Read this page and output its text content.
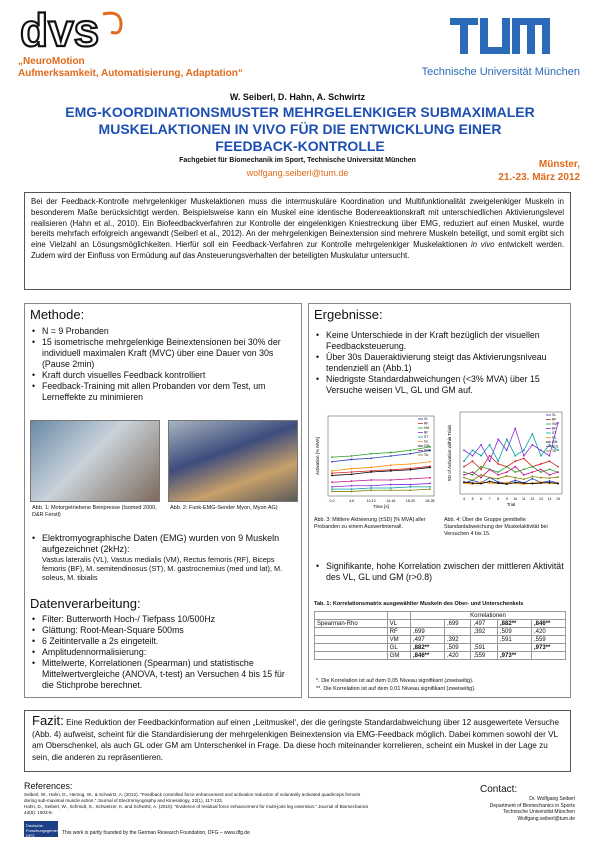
dvs
„NeuroMotion
Aufmerksamkeit, Automatisierung, Adaptation“	Technische Universität München
W. Seiberl, D. Hahn, A. Schwirtz
EMG-KOORDINATIONSMUSTER MEHRGELENKIGER SUBMAXIMALER MUSKELAKTIONEN IN VIVO FÜR DIE ENTWICKLUNG EINER FEEDBACK-KONTROLLE
Fachgebiet für Biomechanik im Sport, Technische Universität München
wolfgang.seiberl@tum.de
Münster,
21.-23. März 2012
Bei der Feedback-Kontrolle mehrgelenkiger Muskelaktionen muss die intermuskuläre Koordination und Multifunktionalität zweigelenkiger Muskeln in besonderem Maße berücksichtigt werden. Beispielsweise kann ein Muskel eine identische Bodenreaktionskraft mit unterschiedlichen Aktivierungslevel realisieren (Hahn et al., 2010). Ein Biofeedbackverfahren zur Kontrolle der eingelenkigen Kniestreckung über EMG, reduziert auf einen Muskel, wurde bereits mehrfach erfolgreich angewandt (Seiberl et al., 2012). An der mehrgelenkigen Beinextension sind mehrere Muskeln beteiligt, und somit ergibt sich eine Vielzahl an Lösungsmöglichkeiten. Hierfür soll ein Feedback-Verfahren zur Kontrolle mehrgelenkiger Muskelaktionen in vivo entwickelt werden. Zudem wird der Einfluss von Ermüdung auf das Ansteuerungsverhalten der beteiligten Muskulatur untersucht.
Methode:
• N = 9 Probanden
• 15 isometrische mehrgelenkige Beinextensionen bei 30% der individuell maximalen Kraft (MVC) über eine Dauer von 30s (Pause 2min)
• Kraft durch visuelles Feedback kontrolliert
• Feedback-Training mit allen Probanden vor dem Test, um Lerneffekte zu minimieren
Abb. 1: Motorgetriebene Beinpresse (Isomed 2000, D&R Ferstl)
Abb. 2: Funk-EMG-Sender Myon, Myon AG)
• Elektromyographische Daten (EMG) wurden von 9 Muskeln aufgezeichnet (2kHz):
Vastus lateralis (VL), Vastus medialis (VM), Rectus femoris (RF), Biceps femoris (BF), M. semitendinosus (ST), M. gastrocnemius (med und lat), M. soleus, M. tibialis
Datenverarbeitung:
• Filter: Butterworth Hoch-/ Tiefpass 10/500Hz
• Glättung: Root-Mean-Square 500ms
• 6 Zeitintervalle a 2s eingeteilt.
• Amplitudennormalisierung:
• Mittelwerte, Korrelationen (Spearman) und statistische Mittelwertvergleiche (ANOVA, t-test) an Versuchen 4 bis 15 für die Stichprobe berechnet.
Ergebnisse:
• Keine Unterschiede in der Kraft bezüglich der visuellen Feedbacksteuerung.
• Über 30s Daueraktivierung steigt das Aktivierungsniveau tendenziell an (Abb.1)
• Niedrigste Standardabweichungen (<3% MVA) über 15 Versuche weisen VL, GL und GM auf.
0-2	4-6	10-12	14-16	18-20	26-28
VL
RF
VM
BF
ST
GL
GM
SOL
TA
Time [s]
Activation [% MVA]
4 5 6 7 8 9 10 11 12 13 14 15
VL
RF
VM
BF
ST
GL
GM
SOL
TA
Trial
SD of Activation within Trials
Abb. 3: Mittlere Aktivierung (±SD) [% MVA] aller Probanden zu einem Auswertintervall.
Abb. 4: Über die Gruppe gemittelte Standardabweichung der Muskelaktivität bei Versuchen 4 bis 15.
• Signifikante, hohe Korrelation zwischen der mittleren Aktivität des VL, GL und GM (r>0.8)
Tab. 1: Korrelationsmatrix ausgewählter Muskeln des Ober- und Unterschenkels
		Korrelationen				
Spearman-Rho	VL		,699	,497	,882**	,846**
	RF	,699		,392	,509	,420
	VM	,497	,392		,591	,559
	GL	,882**	,509	,591		,973**
	GM	,846**	,420	,559	,973**	
*. Die Korrelation ist auf dem 0,05 Niveau signifikant (zweiseitig).
**. Die Korrelation ist auf dem 0,01 Niveau signifikant (zweiseitig).
Fazit: Eine Reduktion der Feedbackinformation auf einen „Leitmuskel‘, der die geringste Standardabweichung über 12 ausgewertete Versuche (Abb. 4) aufweist, scheint für die Standardisierung der mehrgelenkigen Beinextension via EMG-Feedback möglich. Dabei kommen sowohl der VL am Oberschenkel, als auch GL oder GM am Unterschenkel in Frage. Da diese hoch miteinander korrelieren, scheint ein Muskel in der Lage zu sein, die anderen zu repräsentieren.
References:
Seiberl, W., Hahn, D., Herzog, W., & Schwirtz, A. (2012). “Feedback controlled force enhancement and activation reduction of voluntarily activated quadriceps femoris during sub-maximal muscle action.” Journal of Electromyography and Kinesiology, 22(1), 117-123.
Hahn, D., Seiberl, W., Schmidt, S., Schweizer, K. and Schwirtz, A. (2010). “Evidence of residual force enhancement for multi-joint leg extension.” Journal of Biomechanics 43(8): 1503-8.
Contact:
Dr. Wolfgang Seiberl
Department of Biomechanics in Sports
Technische Universität München
Wolfgang.seiberl@tum.de
Deutsche Forschungsgemeinschaft DFG	This work is partly founded by the German Research Foundation, DFG – www.dfg.de
